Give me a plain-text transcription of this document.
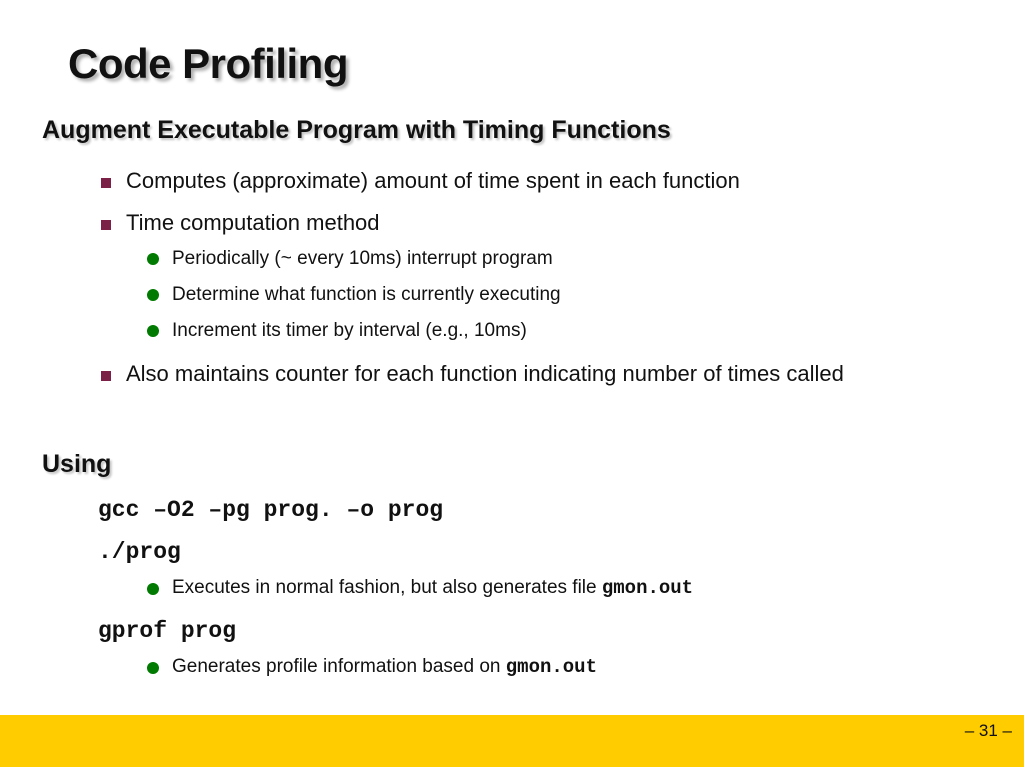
Code Profiling
Augment Executable Program with Timing Functions
Computes (approximate) amount of time spent in each function
Time computation method
Periodically (~ every 10ms) interrupt program
Determine what function is currently executing
Increment its timer by interval (e.g., 10ms)
Also maintains counter for each function indicating number of times called
Using
gcc –O2 –pg prog. –o prog
./prog
Executes in normal fashion, but also generates file gmon.out
gprof prog
Generates profile information based on gmon.out
– 31 –
